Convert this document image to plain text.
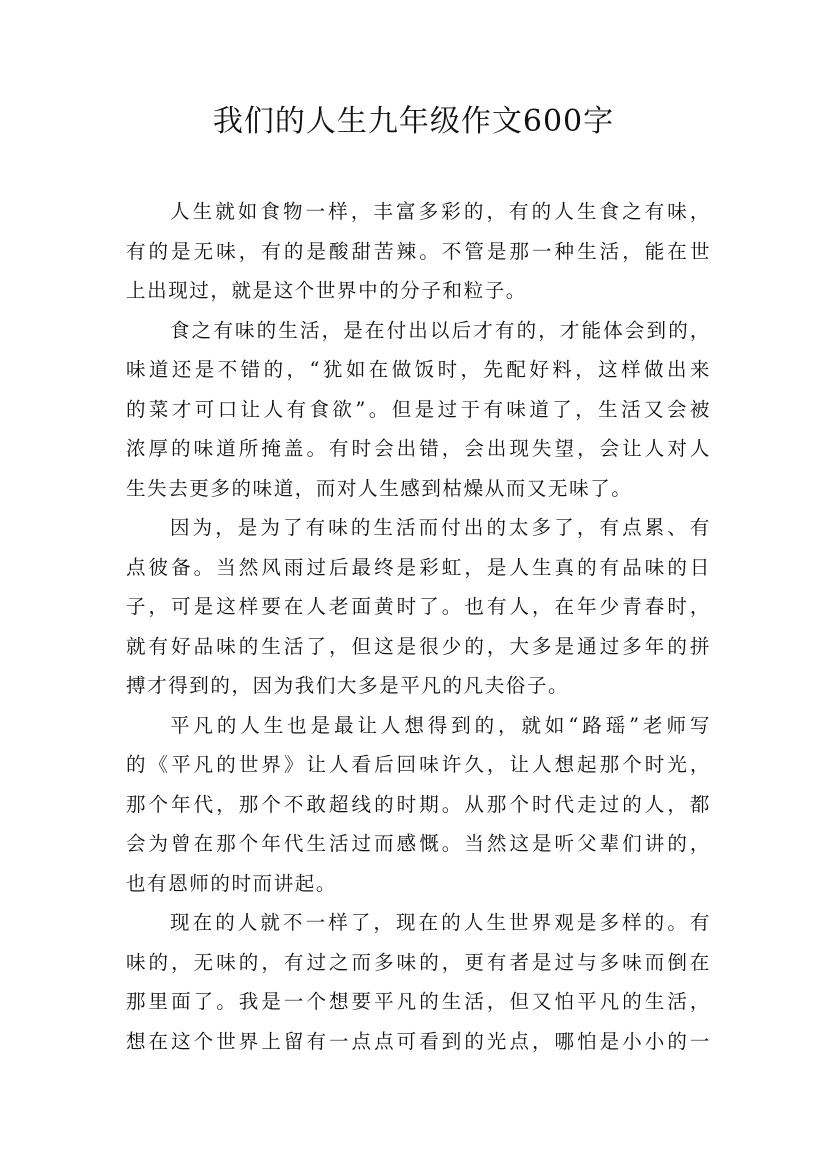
我们的人生九年级作文600字
人生就如食物一样，丰富多彩的，有的人生食之有味，
有的是无味，有的是酸甜苦辣。不管是那一种生活，能在世
上出现过，就是这个世界中的分子和粒子。
食之有味的生活，是在付出以后才有的，才能体会到的，
味道还是不错的，“犹如在做饭时，先配好料，这样做出来
的菜才可口让人有食欲”。但是过于有味道了，生活又会被
浓厚的味道所掩盖。有时会出错，会出现失望，会让人对人
生失去更多的味道，而对人生感到枯燥从而又无味了。
因为，是为了有味的生活而付出的太多了，有点累、有
点彼备。当然风雨过后最终是彩虹，是人生真的有品味的日
子，可是这样要在人老面黄时了。也有人，在年少青春时，
就有好品味的生活了，但这是很少的，大多是通过多年的拼
搏才得到的，因为我们大多是平凡的凡夫俗子。
平凡的人生也是最让人想得到的，就如“路瑶”老师写
的《平凡的世界》让人看后回味许久，让人想起那个时光，
那个年代，那个不敢超线的时期。从那个时代走过的人，都
会为曾在那个年代生活过而感慨。当然这是听父辈们讲的，
也有恩师的时而讲起。
现在的人就不一样了，现在的人生世界观是多样的。有
味的，无味的，有过之而多味的，更有者是过与多味而倒在
那里面了。我是一个想要平凡的生活，但又怕平凡的生活，
想在这个世界上留有一点点可看到的光点，哪怕是小小的一
